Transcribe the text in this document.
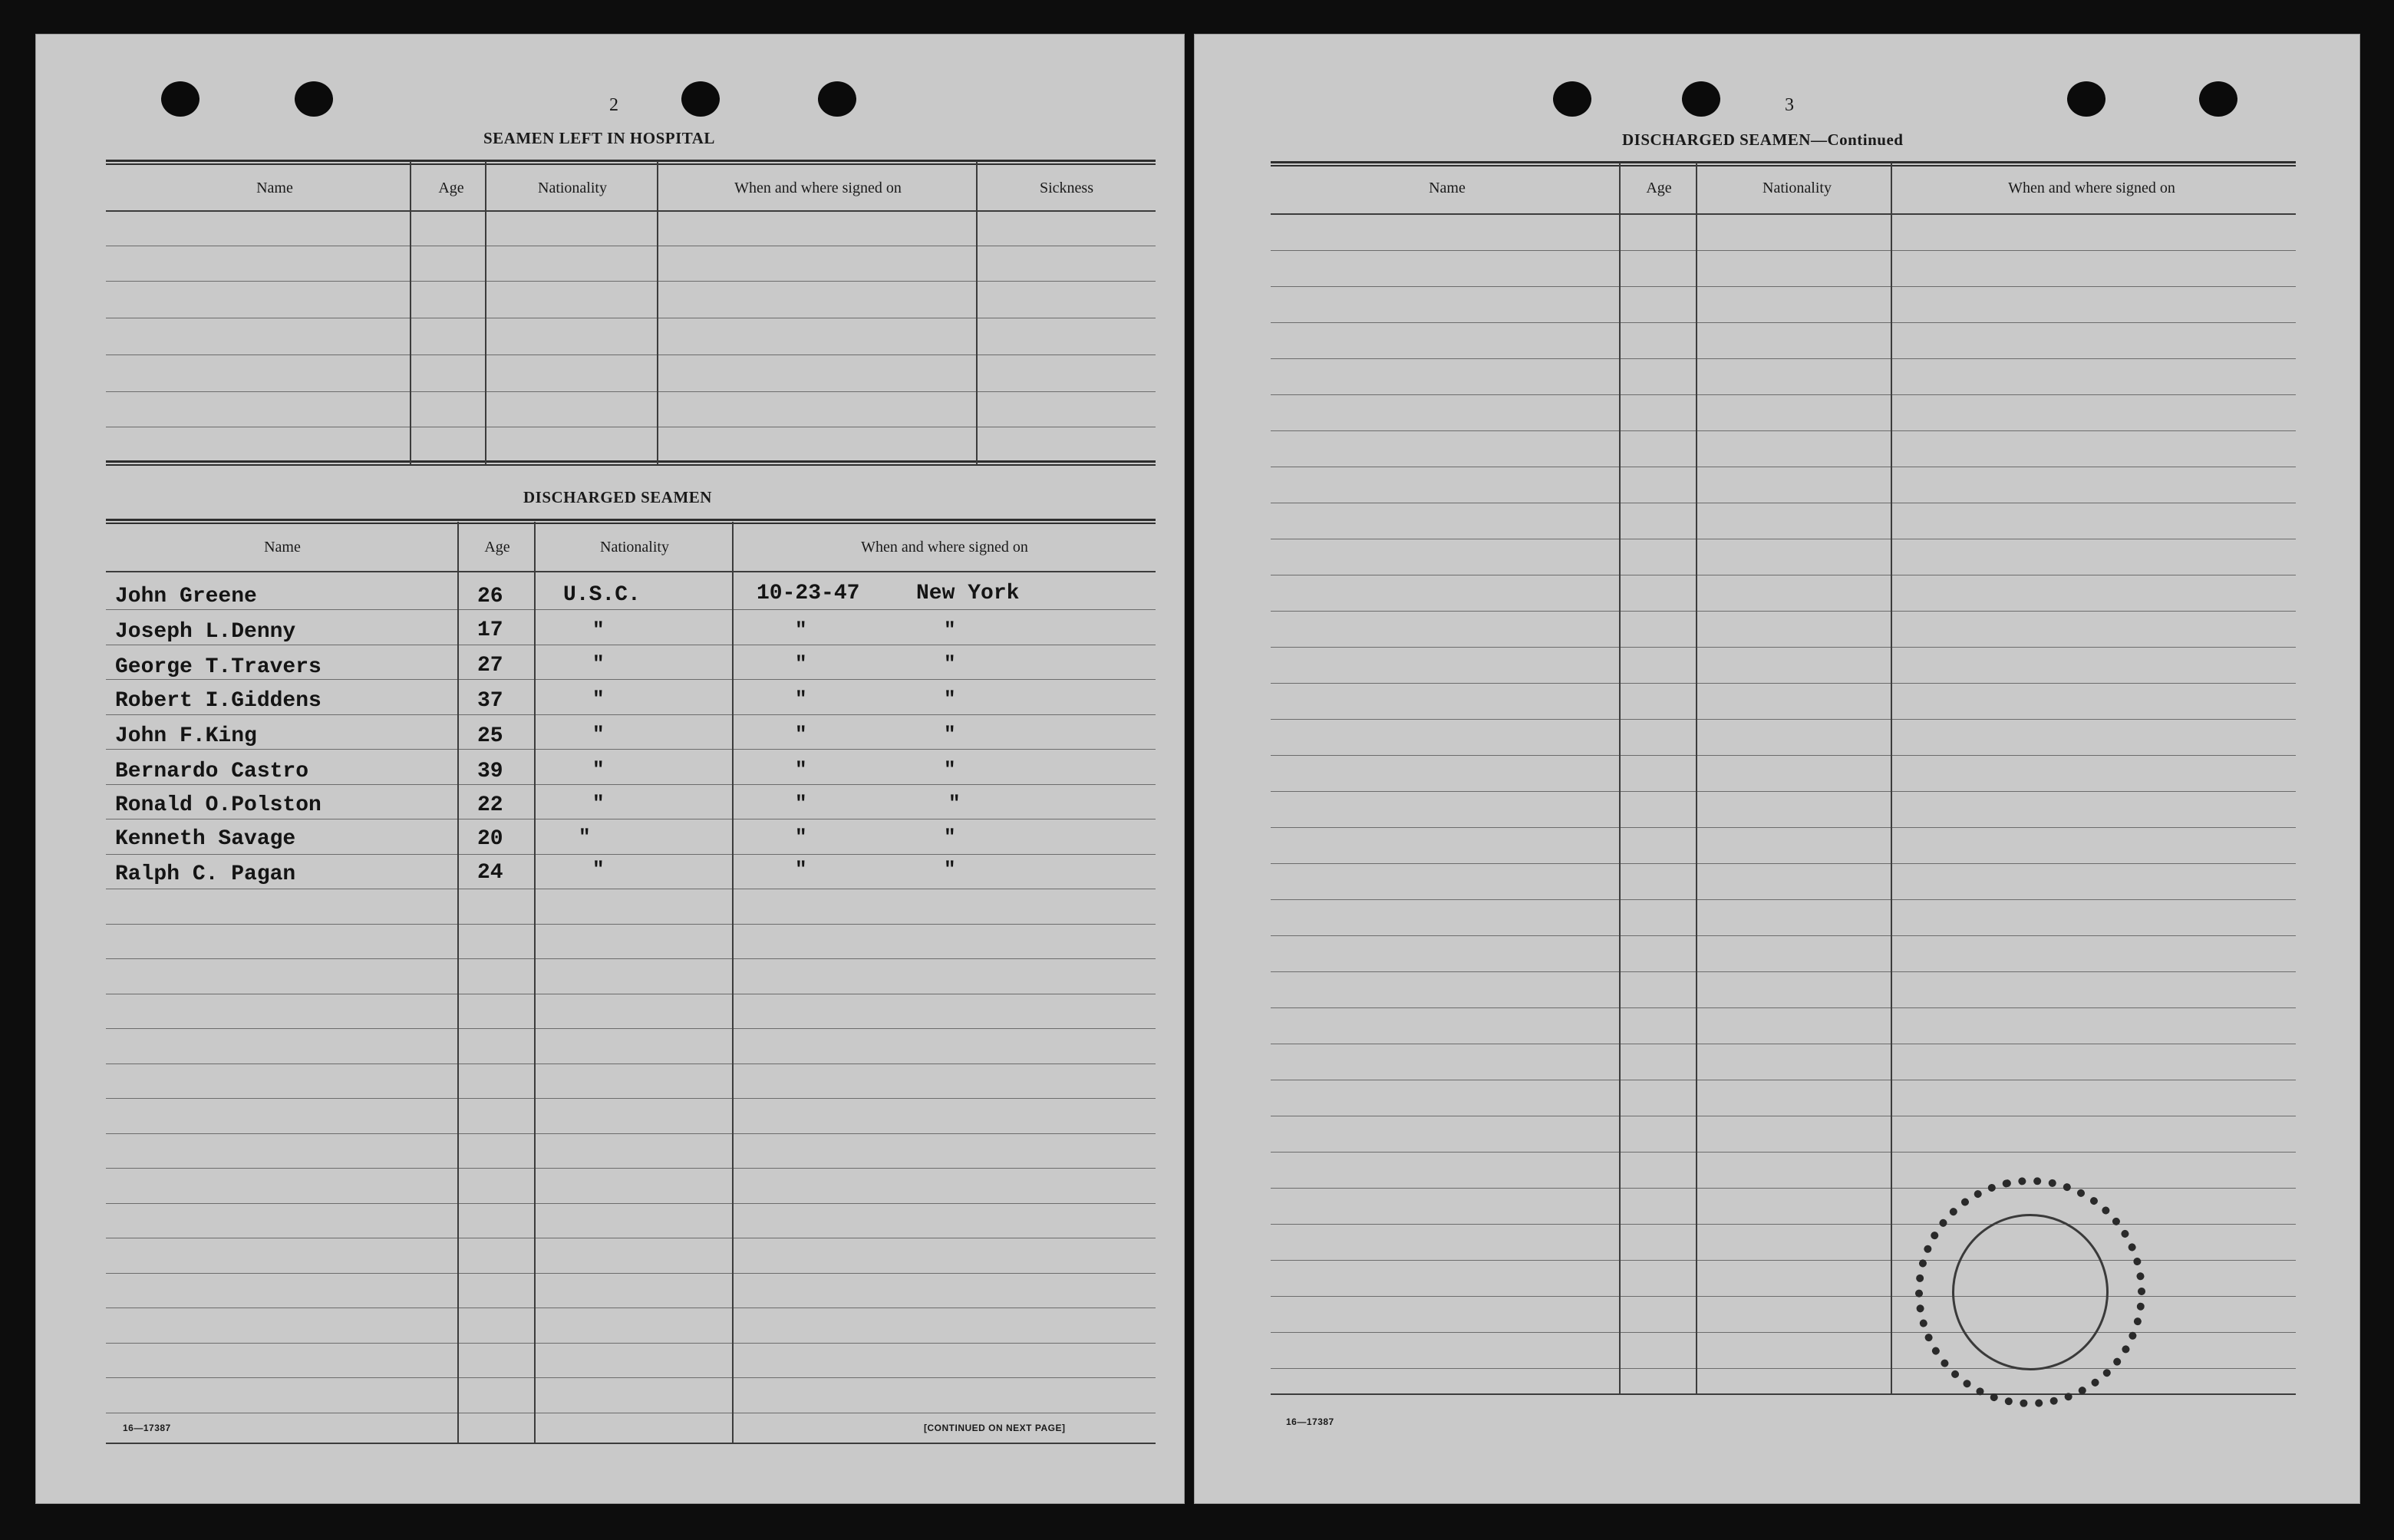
2
SEAMEN LEFT IN HOSPITAL
Name	Age	Nationality	When and where signed on	Sickness
DISCHARGED SEAMEN
Name	Age	Nationality	When and where signed on
John Greene	26	U.S.C.	10-23-47	New York
Joseph L.Denny	17	"	"	"
George T.Travers	27	"	"	"
Robert I.Giddens	37	"	"	"
John F.King	25	"	"	"
Bernardo Castro	39	"	"	"
Ronald O.Polston	22	"	"	"
Kenneth Savage	20	"	"	"
Ralph C. Pagan	24	"	"	"
16—17387	[CONTINUED ON NEXT PAGE]
3
DISCHARGED SEAMEN—Continued
Name	Age	Nationality	When and where signed on
16—17387
